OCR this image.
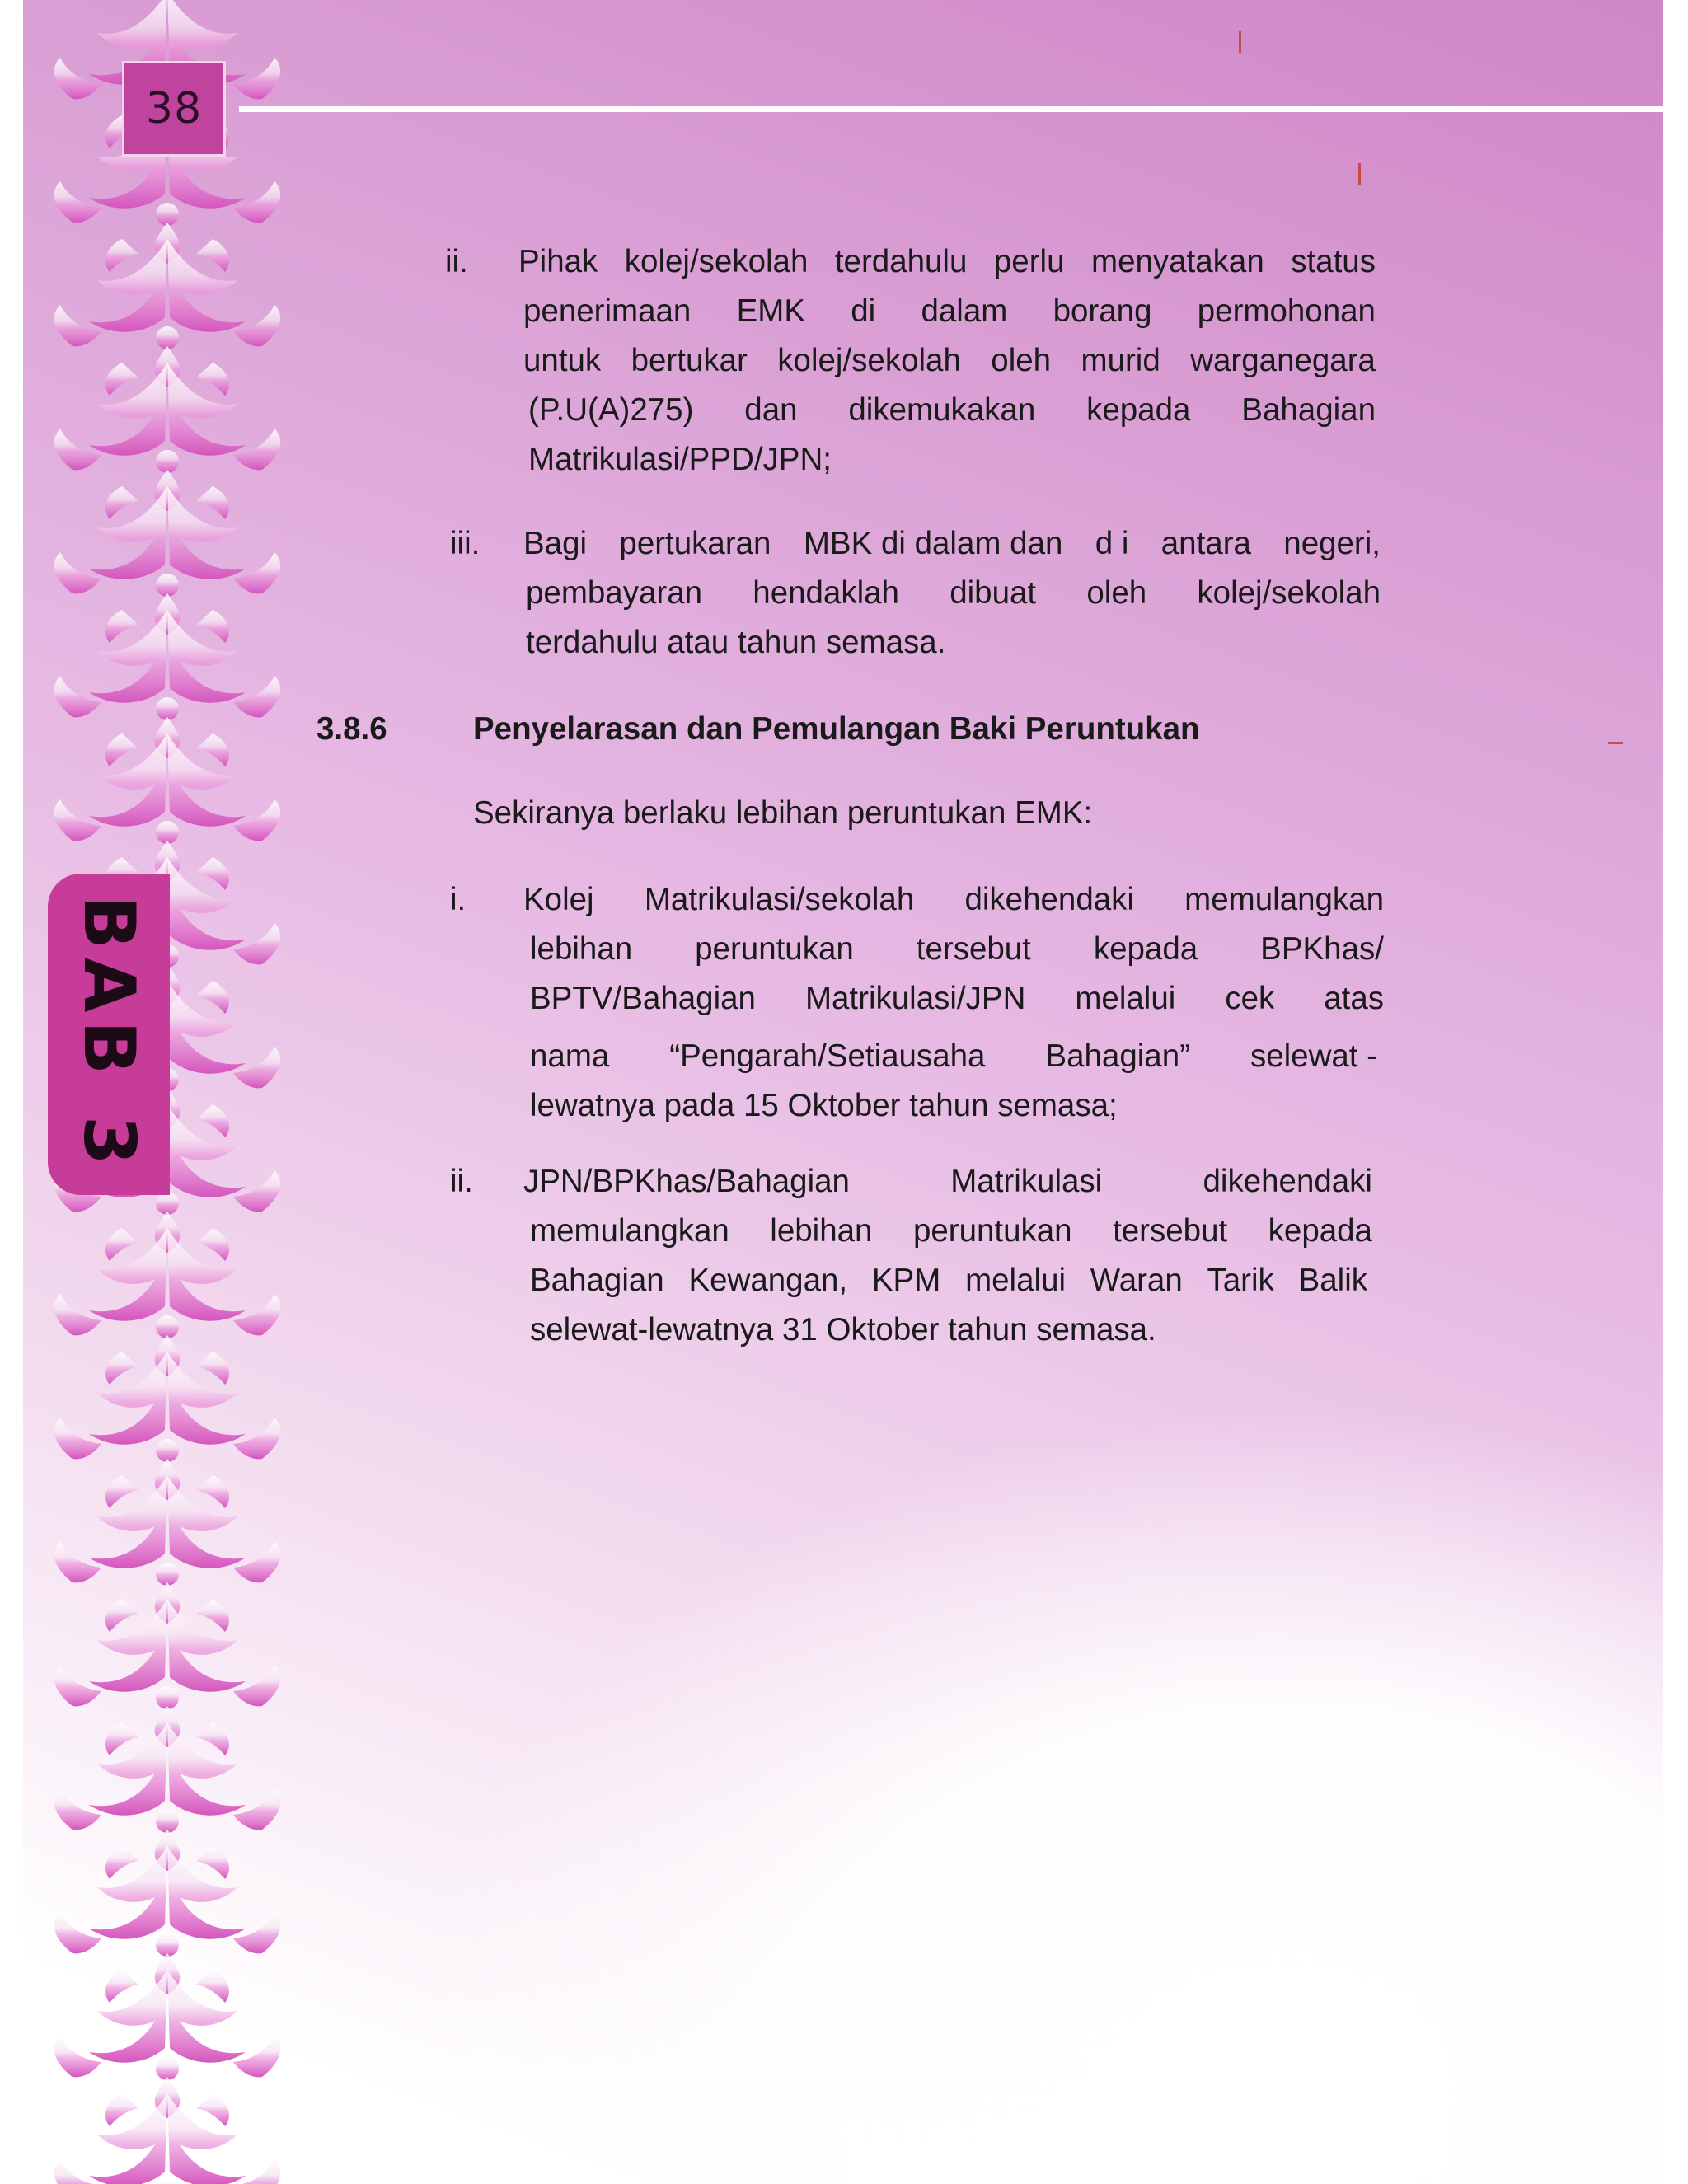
38
BAB 3
ii. Pihak kolej/sekolah terdahulu perlu menyatakan status
penerimaan EMK di dalam borang permohonan
untuk bertukar kolej/sekolah oleh murid warganegara
(P.U(A)275) dan dikemukakan kepada Bahagian
Matrikulasi/PPD/JPN;
iii. Bagi pertukaran MBK di dalam dan d i antara negeri,
pembayaran hendaklah dibuat oleh kolej/sekolah
terdahulu atau tahun semasa.
3.8.6	Penyelarasan dan Pemulangan Baki Peruntukan
Sekiranya berlaku lebihan peruntukan EMK:
i. Kolej Matrikulasi/sekolah dikehendaki memulangkan
lebihan peruntukan tersebut kepada BPKhas/
BPTV/Bahagian Matrikulasi/JPN melalui cek atas
nama “Pengarah/Setiausaha Bahagian” selewat -
lewatnya pada 15 Oktober tahun semasa;
ii. JPN/BPKhas/Bahagian	Matrikulasi	dikehendaki
memulangkan lebihan peruntukan tersebut kepada
Bahagian Kewangan, KPM melalui Waran Tarik Balik
selewat-lewatnya 31 Oktober tahun semasa.
